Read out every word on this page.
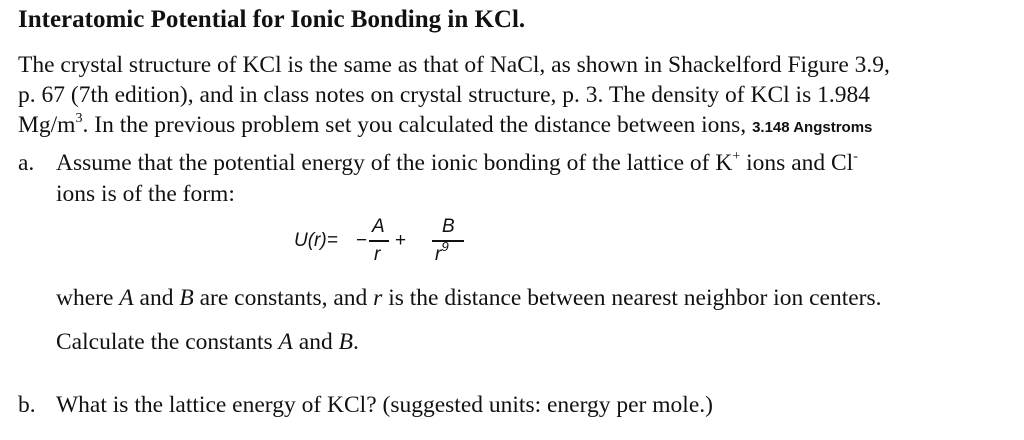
Interatomic Potential for Ionic Bonding in KCl.
The crystal structure of KCl is the same as that of NaCl, as shown in Shackelford Figure 3.9,
p. 67 (7th edition), and in class notes on crystal structure, p. 3. The density of KCl is 1.984
$Mg/m^3$. In the previous problem set you calculated the distance between ions, 3.148 Angstroms
a. Assume that the potential energy of the ionic bonding of the lattice of K+ ions and Cl-
ions is of the form:
U(r)= −
A
r
+
B
$r^9$
where A and B are constants, and r is the distance between nearest neighbor ion centers.
Calculate the constants A and B.
b. What is the lattice energy of KCl? (suggested units: energy per mole.)
